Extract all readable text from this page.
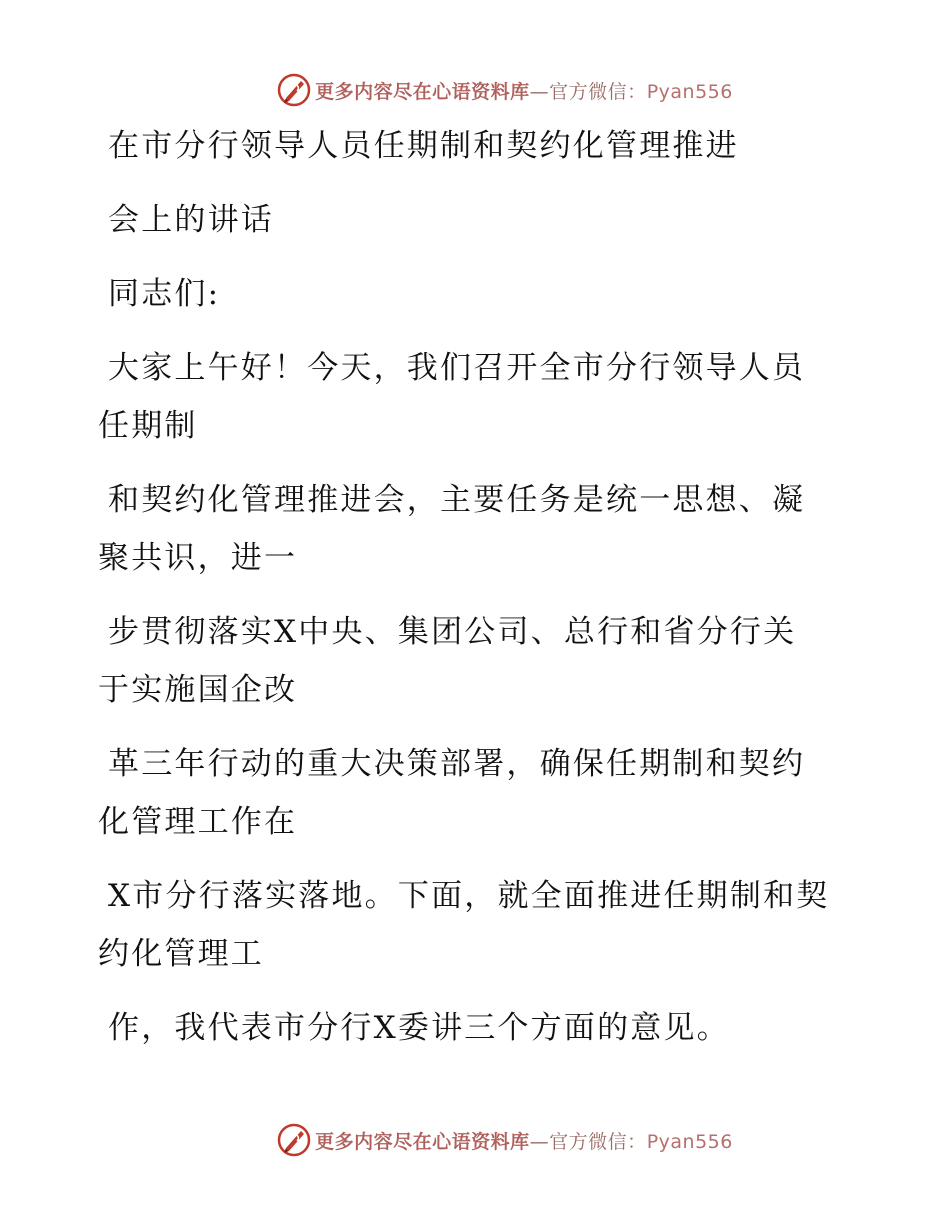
更多内容尽在心语资料库—官方微信：Pyan556
在市分行领导人员任期制和契约化管理推进
会上的讲话
同志们:
大家上午好！今天，我们召开全市分行领导人员
任期制
和契约化管理推进会，主要任务是统一思想、凝
聚共识，进一
步贯彻落实X中央、集团公司、总行和省分行关
于实施国企改
革三年行动的重大决策部署，确保任期制和契约
化管理工作在
X市分行落实落地。下面，就全面推进任期制和契
约化管理工
作，我代表市分行X委讲三个方面的意见。
更多内容尽在心语资料库—官方微信：Pyan556
